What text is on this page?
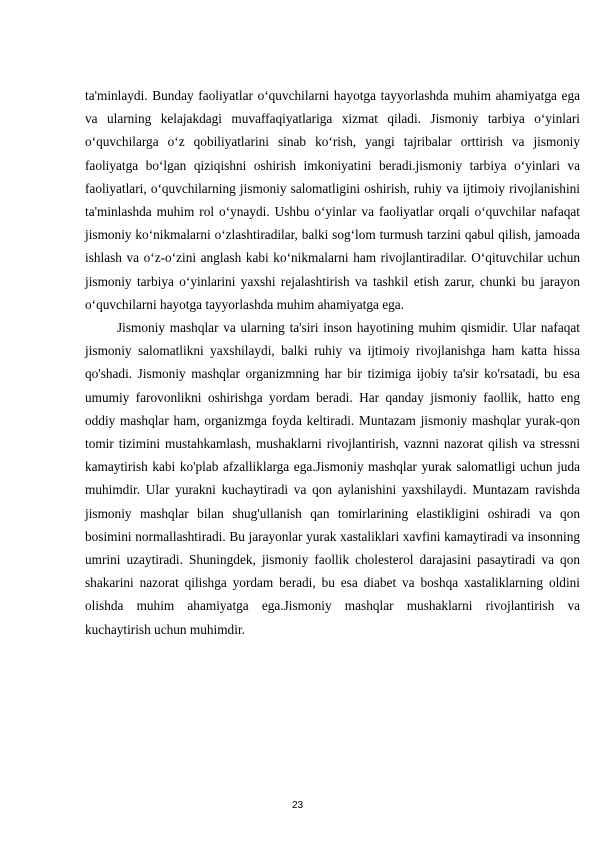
ta'minlaydi. Bunday faoliyatlar o‘quvchilarni hayotga tayyorlashda muhim ahamiyatga ega va ularning kelajakdagi muvaffaqiyatlariga xizmat qiladi. Jismoniy tarbiya o‘yinlari o‘quvchilarga o‘z qobiliyatlarini sinab ko‘rish, yangi tajribalar orttirish va jismoniy faoliyatga bo‘lgan qiziqishni oshirish imkoniyatini beradi.jismoniy tarbiya o‘yinlari va faoliyatlari, o‘quvchilarning jismoniy salomatligini oshirish, ruhiy va ijtimoiy rivojlanishini ta'minlashda muhim rol o‘ynaydi. Ushbu o‘yinlar va faoliyatlar orqali o‘quvchilar nafaqat jismoniy ko‘nikmalarni o‘zlashtiradilar, balki sog‘lom turmush tarzini qabul qilish, jamoada ishlash va o‘z-o‘zini anglash kabi ko‘nikmalarni ham rivojlantiradilar. O‘qituvchilar uchun jismoniy tarbiya o‘yinlarini yaxshi rejalashtirish va tashkil etish zarur, chunki bu jarayon o‘quvchilarni hayotga tayyorlashda muhim ahamiyatga ega.

Jismoniy mashqlar va ularning ta'siri inson hayotining muhim qismidir. Ular nafaqat jismoniy salomatlikni yaxshilaydi, balki ruhiy va ijtimoiy rivojlanishga ham katta hissa qo'shadi. Jismoniy mashqlar organizmning har bir tizimiga ijobiy ta'sir ko'rsatadi, bu esa umumiy farovonlikni oshirishga yordam beradi. Har qanday jismoniy faollik, hatto eng oddiy mashqlar ham, organizmga foyda keltiradi. Muntazam jismoniy mashqlar yurak-qon tomir tizimini mustahkamlash, mushaklarni rivojlantirish, vaznni nazorat qilish va stressni kamaytirish kabi ko'plab afzalliklarga ega.Jismoniy mashqlar yurak salomatligi uchun juda muhimdir. Ular yurakni kuchaytiradi va qon aylanishini yaxshilaydi. Muntazam ravishda jismoniy mashqlar bilan shug'ullanish qan tomirlarining elastikligini oshiradi va qon bosimini normallashtiradi. Bu jarayonlar yurak xastaliklari xavfini kamaytiradi va insonning umrini uzaytiradi. Shuningdek, jismoniy faollik cholesterol darajasini pasaytiradi va qon shakarini nazorat qilishga yordam beradi, bu esa diabet va boshqa xastaliklarning oldini olishda muhim ahamiyatga ega.Jismoniy mashqlar mushaklarni rivojlantirish va kuchaytirish uchun muhimdir.

23
